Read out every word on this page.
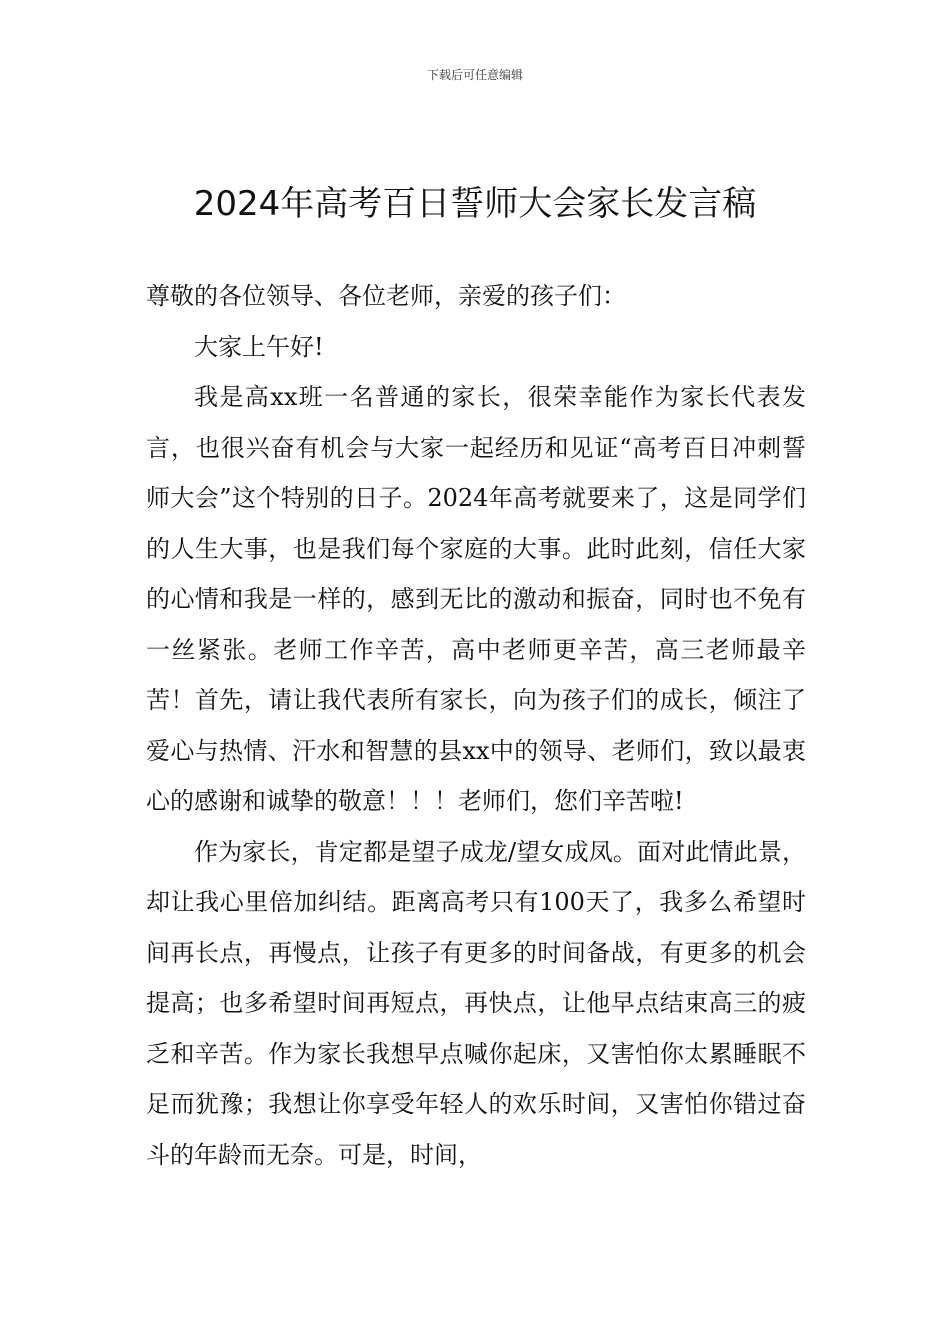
下载后可任意编辑
2024年高考百日誓师大会家长发言稿

尊敬的各位领导、各位老师，亲爱的孩子们：

大家上午好!

我是高xx班一名普通的家长，很荣幸能作为家长代表发言，也很兴奋有机会与大家一起经历和见证“高考百日冲刺誓师大会”这个特别的日子。2024年高考就要来了，这是同学们的人生大事，也是我们每个家庭的大事。此时此刻，信任大家的心情和我是一样的，感到无比的激动和振奋，同时也不免有一丝紧张。老师工作辛苦，高中老师更辛苦，高三老师最辛苦！首先，请让我代表所有家长，向为孩子们的成长，倾注了爱心与热情、汗水和智慧的县xx中的领导、老师们，致以最衷心的感谢和诚挚的敬意！！！老师们，您们辛苦啦!

作为家长，肯定都是望子成龙/望女成凤。面对此情此景，却让我心里倍加纠结。距离高考只有100天了，我多么希望时间再长点，再慢点，让孩子有更多的时间备战，有更多的机会提高；也多希望时间再短点，再快点，让他早点结束高三的疲乏和辛苦。作为家长我想早点喊你起床，又害怕你太累睡眠不足而犹豫；我想让你享受年轻人的欢乐时间，又害怕你错过奋斗的年龄而无奈。可是，时间，
